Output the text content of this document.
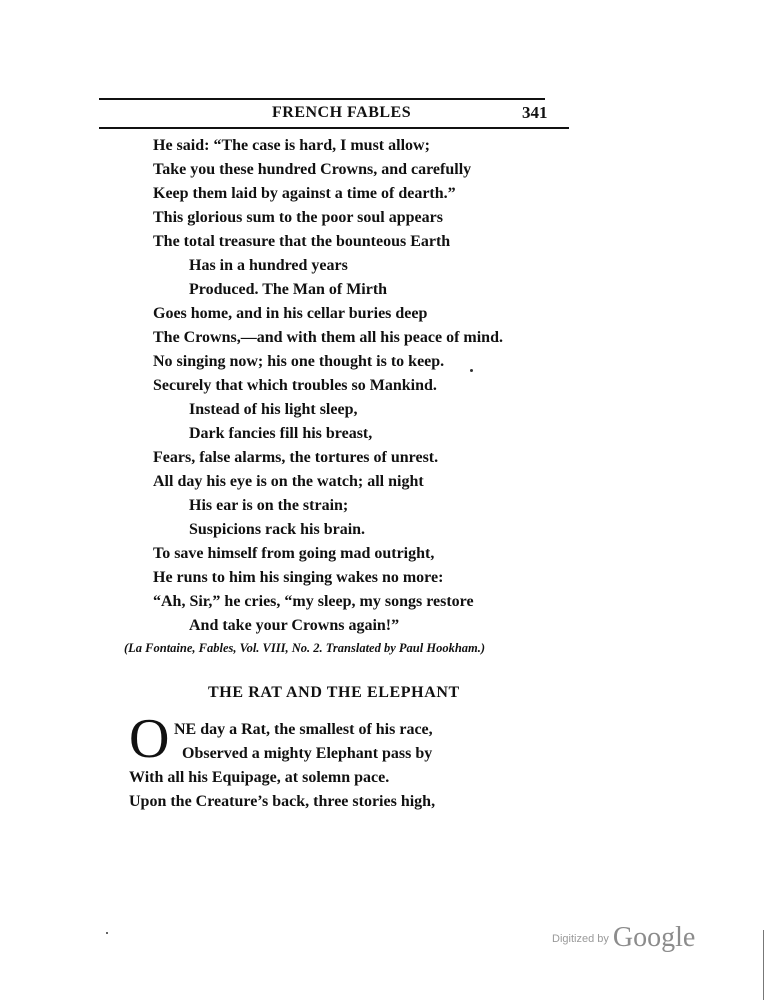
FRENCH FABLES	341
He said: “The case is hard, I must allow;
Take you these hundred Crowns, and carefully
Keep them laid by against a time of dearth.”
This glorious sum to the poor soul appears
The total treasure that the bounteous Earth
Has in a hundred years
Produced. The Man of Mirth
Goes home, and in his cellar buries deep
The Crowns,—and with them all his peace of mind.
No singing now; his one thought is to keep.
Securely that which troubles so Mankind.
Instead of his light sleep,
Dark fancies fill his breast,
Fears, false alarms, the tortures of unrest.
All day his eye is on the watch; all night
His ear is on the strain;
Suspicions rack his brain.
To save himself from going mad outright,
He runs to him his singing wakes no more:
“Ah, Sir,” he cries, “my sleep, my songs restore
And take your Crowns again!”
(La Fontaine, Fables, Vol. VIII, No. 2. Translated by Paul Hookham.)
THE RAT AND THE ELEPHANT
O NE day a Rat, the smallest of his race,
Observed a mighty Elephant pass by
With all his Equipage, at solemn pace.
Upon the Creature’s back, three stories high,
$^{Digitized by}$ Google
